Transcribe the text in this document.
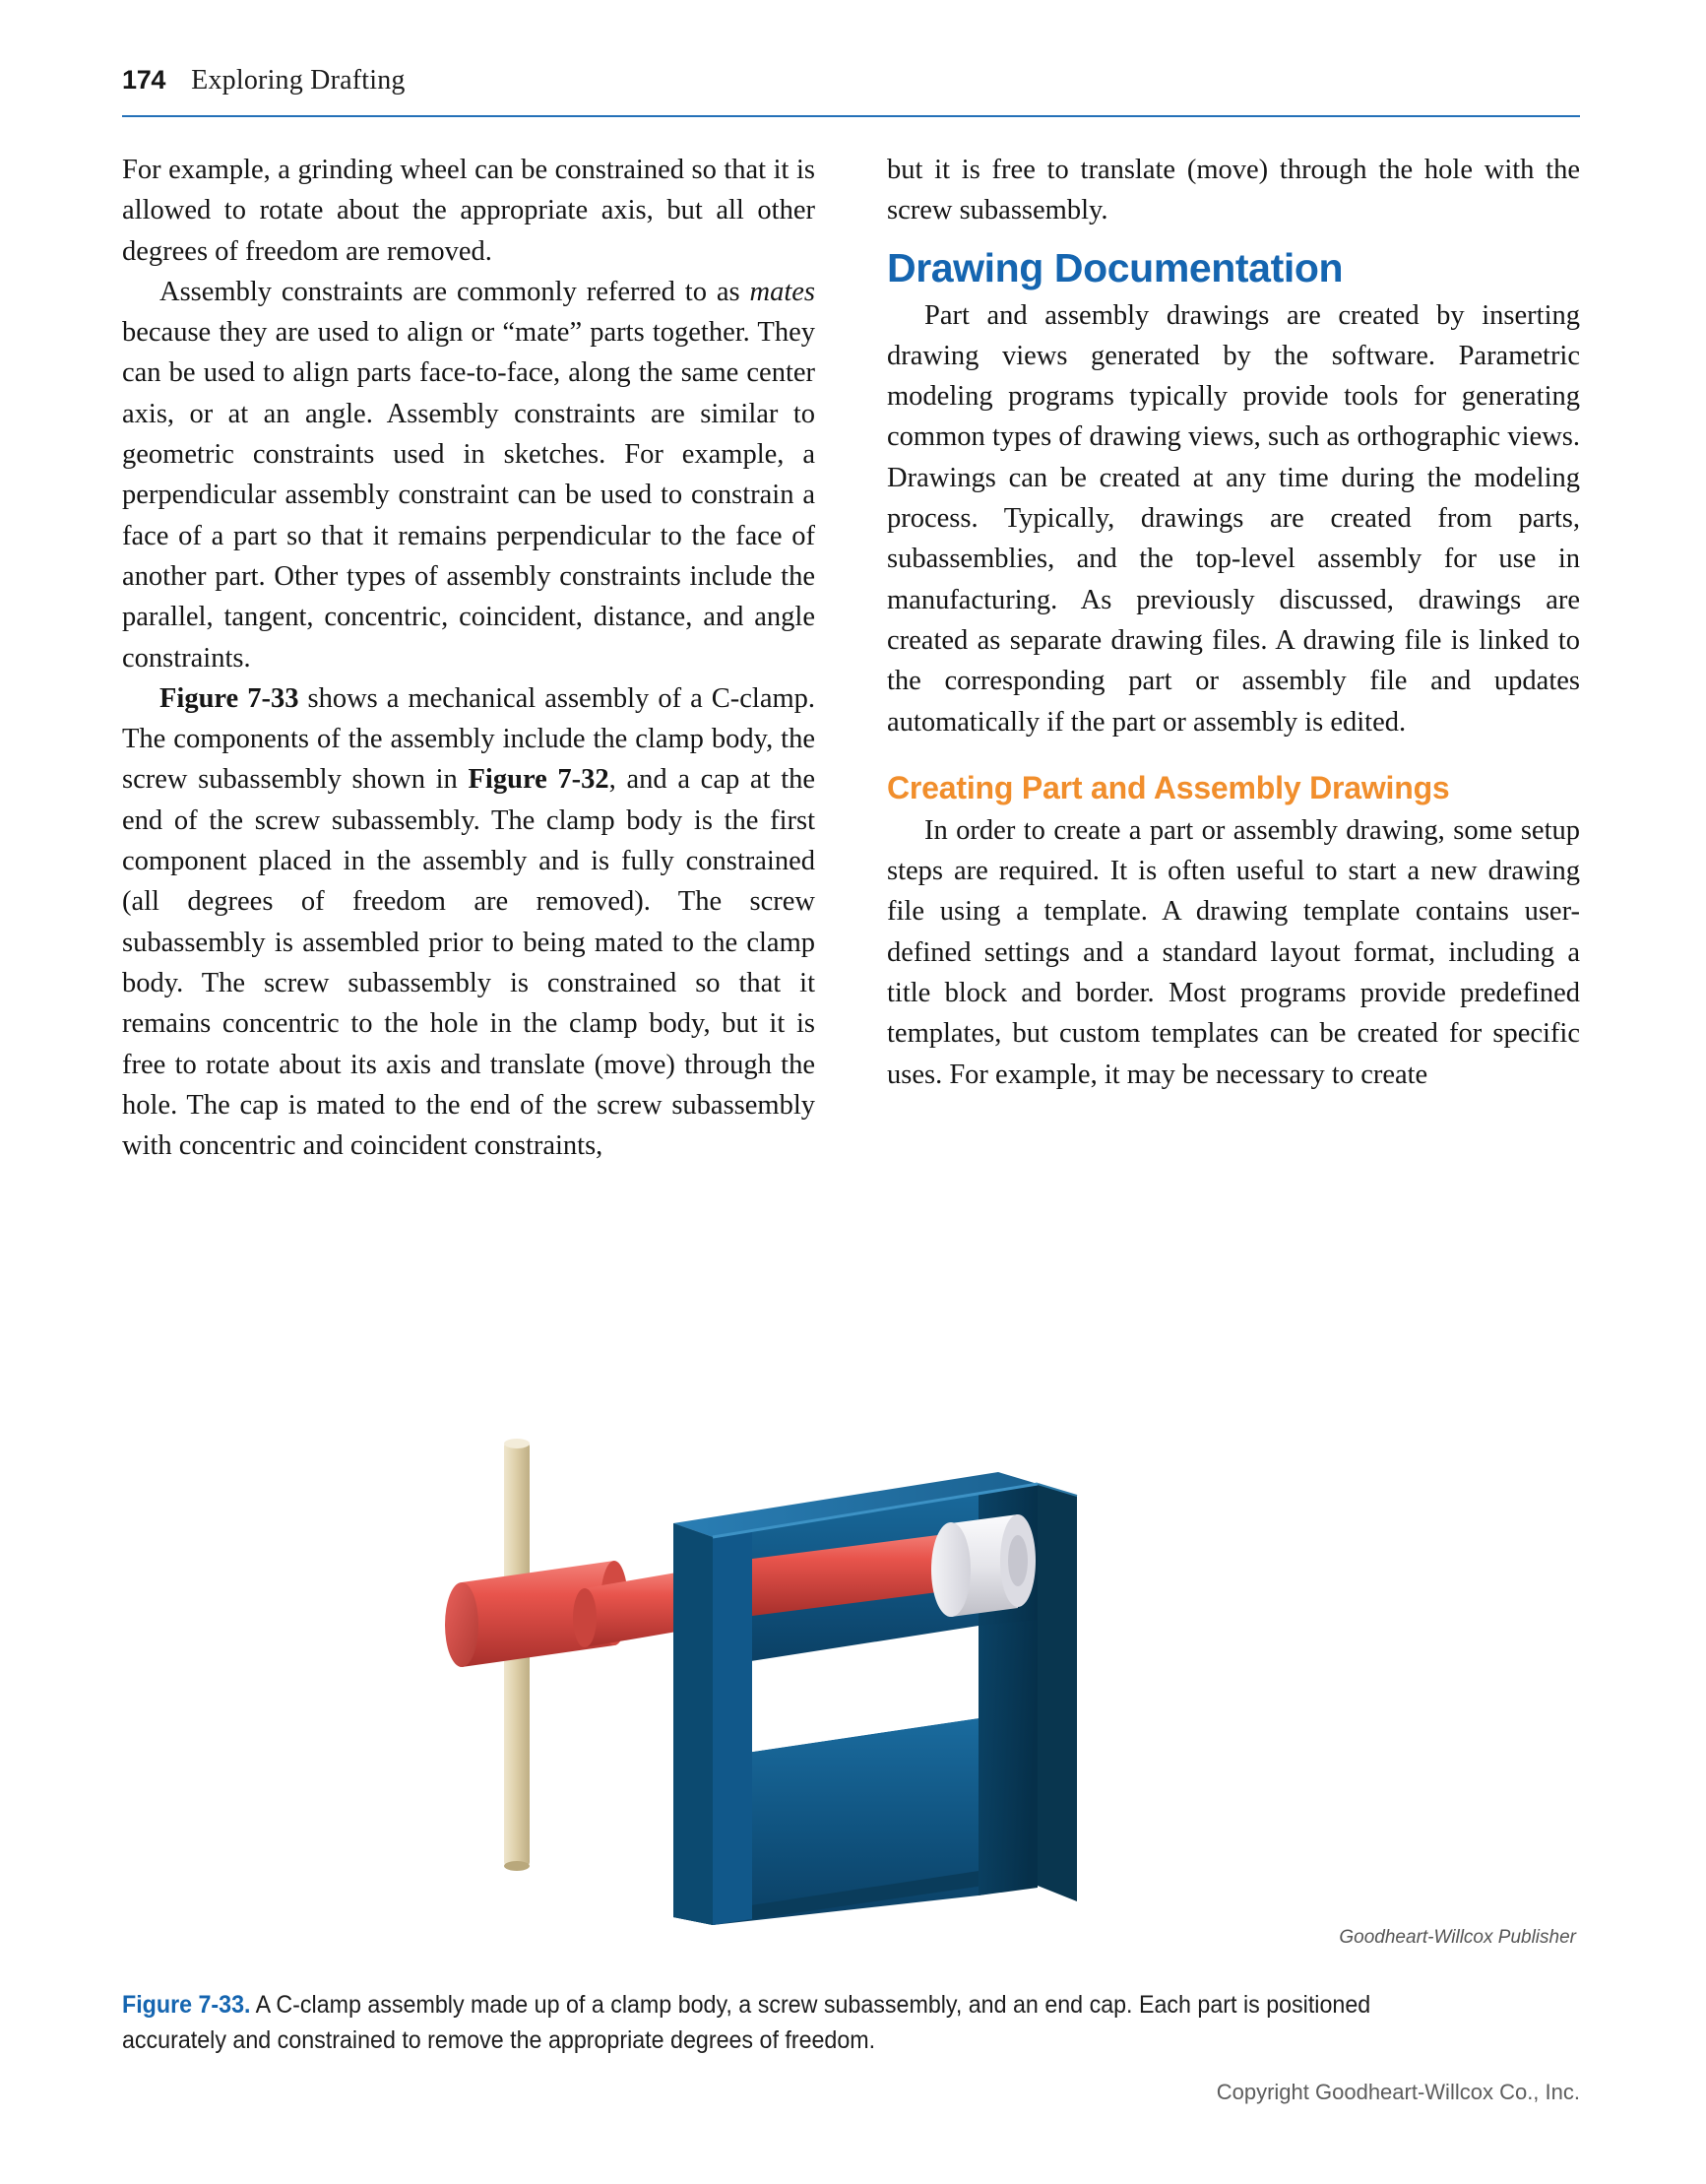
174 Exploring Drafting

For example, a grinding wheel can be constrained so that it is allowed to rotate about the appropriate axis, but all other degrees of freedom are removed.

Assembly constraints are commonly referred to as mates because they are used to align or “mate” parts together. They can be used to align parts face-to-face, along the same center axis, or at an angle. Assembly constraints are similar to geometric constraints used in sketches. For example, a perpendicular assembly constraint can be used to constrain a face of a part so that it remains perpendicular to the face of another part. Other types of assembly constraints include the parallel, tangent, concentric, coincident, distance, and angle constraints.

Figure 7-33 shows a mechanical assembly of a C-clamp. The components of the assembly include the clamp body, the screw subassembly shown in Figure 7-32, and a cap at the end of the screw subassembly. The clamp body is the first component placed in the assembly and is fully constrained (all degrees of freedom are removed). The screw subassembly is assembled prior to being mated to the clamp body. The screw subassembly is constrained so that it remains concentric to the hole in the clamp body, but it is free to rotate about its axis and translate (move) through the hole. The cap is mated to the end of the screw subassembly with concentric and coincident constraints,

but it is free to translate (move) through the hole with the screw subassembly.

Drawing Documentation

Part and assembly drawings are created by inserting drawing views generated by the software. Parametric modeling programs typically provide tools for generating common types of drawing views, such as orthographic views. Drawings can be created at any time during the modeling process. Typically, drawings are created from parts, subassemblies, and the top-level assembly for use in manufacturing. As previously discussed, drawings are created as separate drawing files. A drawing file is linked to the corresponding part or assembly file and updates automatically if the part or assembly is edited.

Creating Part and Assembly Drawings

In order to create a part or assembly drawing, some setup steps are required. It is often useful to start a new drawing file using a template. A drawing template contains user-defined settings and a standard layout format, including a title block and border. Most programs provide predefined templates, but custom templates can be created for specific uses. For example, it may be necessary to create

Goodheart-Willcox Publisher
Figure 7-33. A C-clamp assembly made up of a clamp body, a screw subassembly, and an end cap. Each part is positioned accurately and constrained to remove the appropriate degrees of freedom.
Copyright Goodheart-Willcox Co., Inc.
